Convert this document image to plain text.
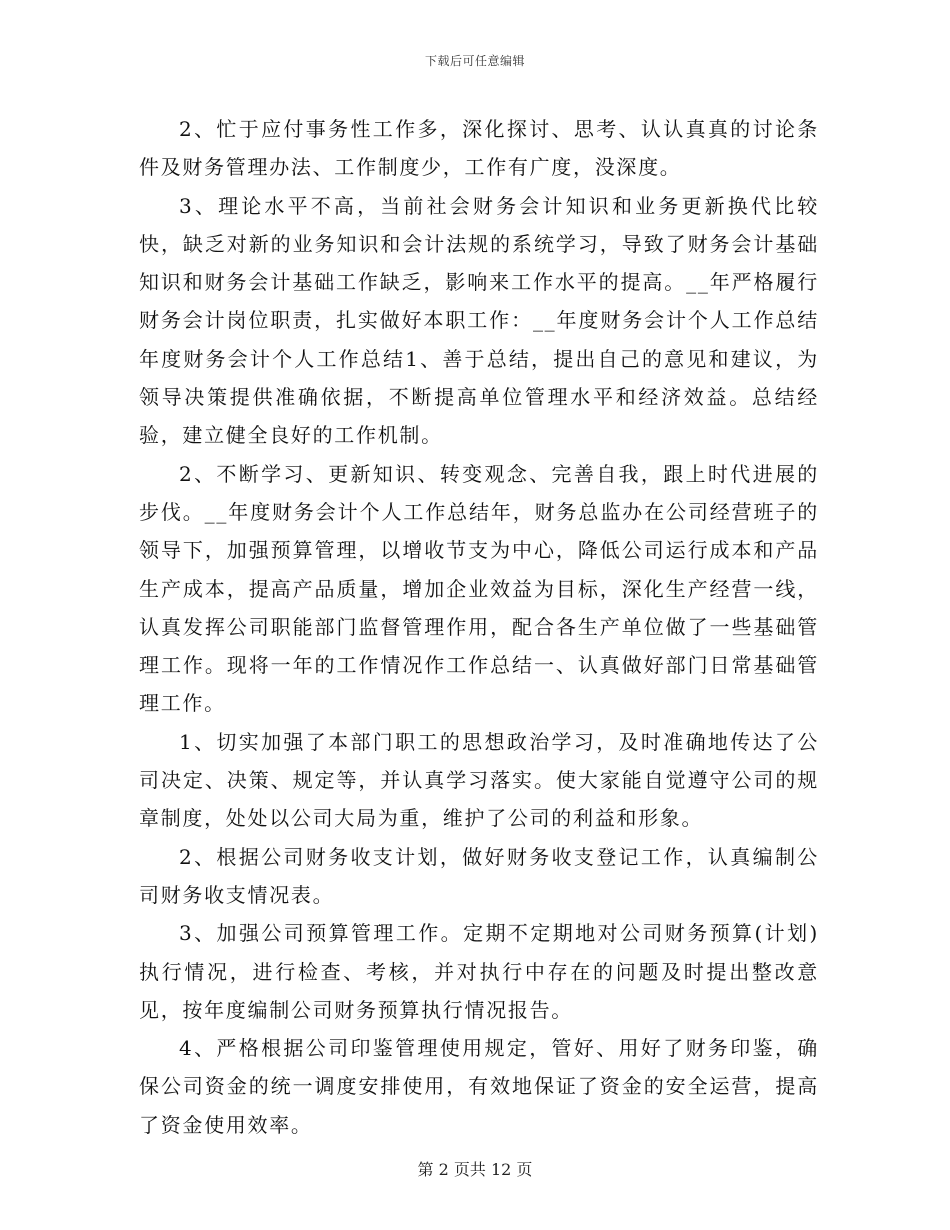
下载后可任意编辑

2、忙于应付事务性工作多，深化探讨、思考、认认真真的讨论条件及财务管理办法、工作制度少，工作有广度，没深度。

3、理论水平不高，当前社会财务会计知识和业务更新换代比较快，缺乏对新的业务知识和会计法规的系统学习，导致了财务会计基础知识和财务会计基础工作缺乏，影响来工作水平的提高。__年严格履行财务会计岗位职责，扎实做好本职工作：__年度财务会计个人工作总结年度财务会计个人工作总结1、善于总结，提出自己的意见和建议，为领导决策提供准确依据，不断提高单位管理水平和经济效益。总结经验，建立健全良好的工作机制。

2、不断学习、更新知识、转变观念、完善自我，跟上时代进展的步伐。__年度财务会计个人工作总结年，财务总监办在公司经营班子的领导下，加强预算管理，以增收节支为中心，降低公司运行成本和产品生产成本，提高产品质量，增加企业效益为目标，深化生产经营一线，认真发挥公司职能部门监督管理作用，配合各生产单位做了一些基础管理工作。现将一年的工作情况作工作总结一、认真做好部门日常基础管理工作。

1、切实加强了本部门职工的思想政治学习，及时准确地传达了公司决定、决策、规定等，并认真学习落实。使大家能自觉遵守公司的规章制度，处处以公司大局为重，维护了公司的利益和形象。

2、根据公司财务收支计划，做好财务收支登记工作，认真编制公司财务收支情况表。

3、加强公司预算管理工作。定期不定期地对公司财务预算(计划)执行情况，进行检查、考核，并对执行中存在的问题及时提出整改意见，按年度编制公司财务预算执行情况报告。

4、严格根据公司印鉴管理使用规定，管好、用好了财务印鉴，确保公司资金的统一调度安排使用，有效地保证了资金的安全运营，提高了资金使用效率。

第 2 页共 12 页
